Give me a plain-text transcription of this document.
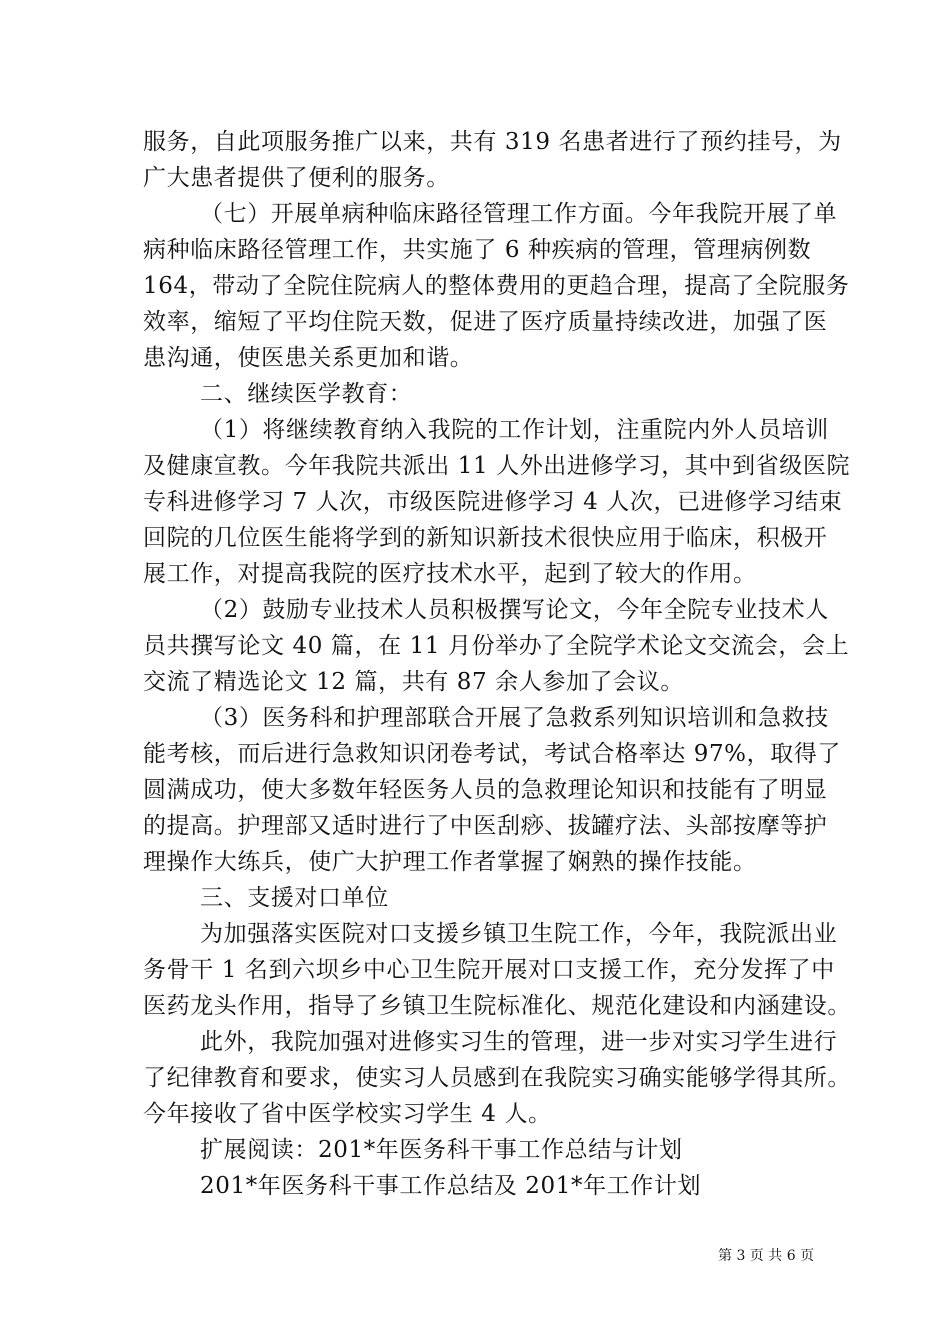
服务，自此项服务推广以来，共有 319 名患者进行了预约挂号，为
广大患者提供了便利的服务。
（七）开展单病种临床路径管理工作方面。今年我院开展了单
病种临床路径管理工作，共实施了 6 种疾病的管理，管理病例数
164，带动了全院住院病人的整体费用的更趋合理，提高了全院服务
效率，缩短了平均住院天数，促进了医疗质量持续改进，加强了医
患沟通，使医患关系更加和谐。
二、继续医学教育：
（1）将继续教育纳入我院的工作计划，注重院内外人员培训
及健康宣教。今年我院共派出 11 人外出进修学习，其中到省级医院
专科进修学习 7 人次，市级医院进修学习 4 人次，已进修学习结束
回院的几位医生能将学到的新知识新技术很快应用于临床，积极开
展工作，对提高我院的医疗技术水平，起到了较大的作用。
（2）鼓励专业技术人员积极撰写论文，今年全院专业技术人
员共撰写论文 40 篇，在 11 月份举办了全院学术论文交流会，会上
交流了精选论文 12 篇，共有 87 余人参加了会议。
（3）医务科和护理部联合开展了急救系列知识培训和急救技
能考核，而后进行急救知识闭卷考试，考试合格率达 97%，取得了
圆满成功，使大多数年轻医务人员的急救理论知识和技能有了明显
的提高。护理部又适时进行了中医刮痧、拔罐疗法、头部按摩等护
理操作大练兵，使广大护理工作者掌握了娴熟的操作技能。
三、支援对口单位
为加强落实医院对口支援乡镇卫生院工作，今年，我院派出业
务骨干 1 名到六坝乡中心卫生院开展对口支援工作，充分发挥了中
医药龙头作用，指导了乡镇卫生院标准化、规范化建设和内涵建设。
此外，我院加强对进修实习生的管理，进一步对实习学生进行
了纪律教育和要求，使实习人员感到在我院实习确实能够学得其所。
今年接收了省中医学校实习学生 4 人。
扩展阅读：201*年医务科干事工作总结与计划
201*年医务科干事工作总结及 201*年工作计划
第 3 页 共 6 页
